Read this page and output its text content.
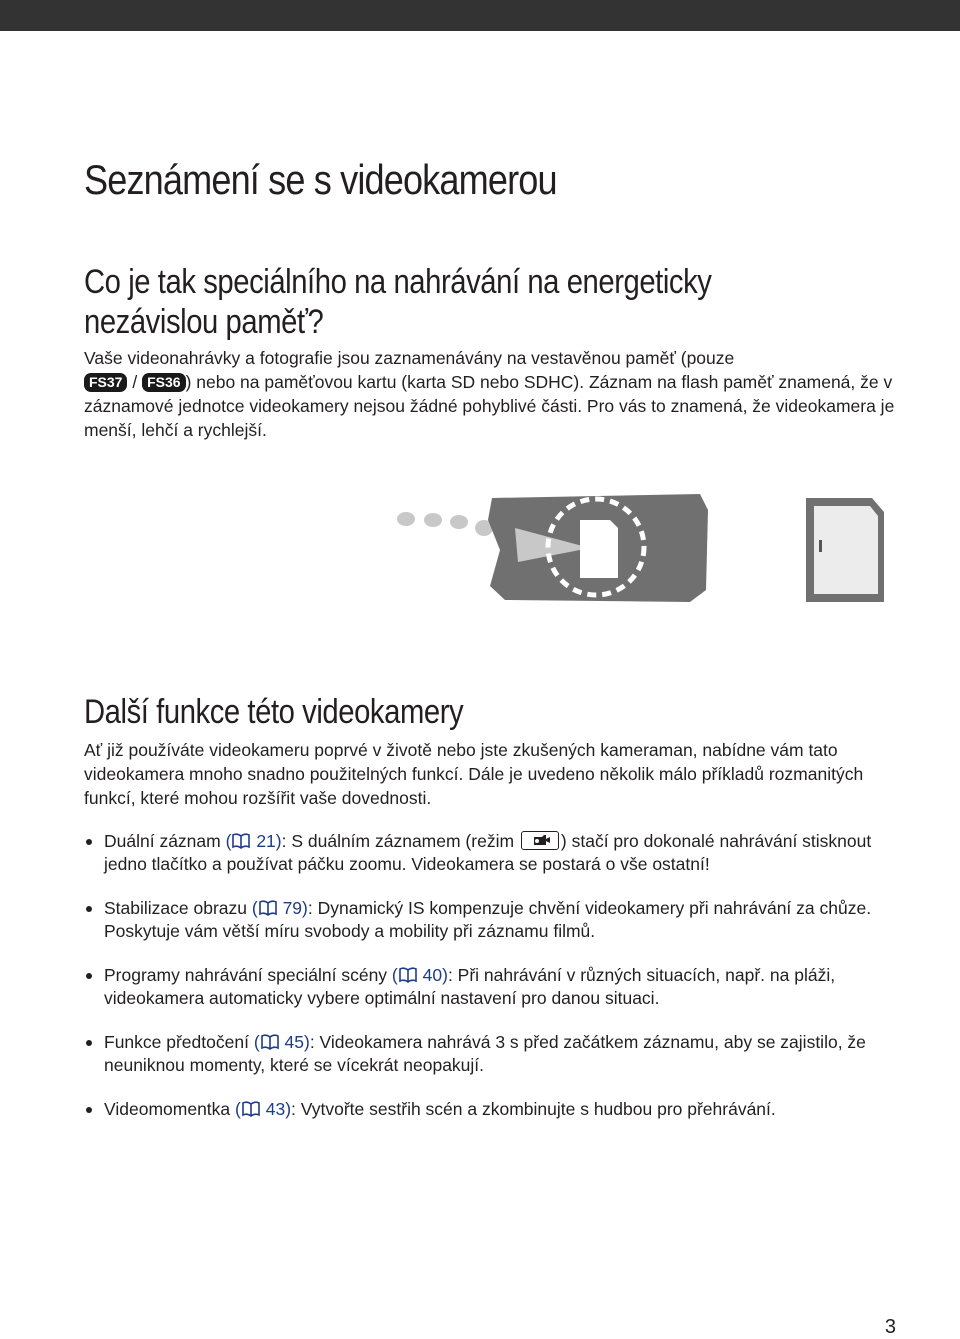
Seznámení se s videokamerou
Co je tak speciálního na nahrávání na energeticky nezávislou paměť?

Vaše videonahrávky a fotografie jsou zaznamenávány na vestavěnou paměť (pouze
FS37 / FS36 ) nebo na paměťovou kartu (karta SD nebo SDHC). Záznam na flash paměť znamená, že v záznamové jednotce videokamery nejsou žádné pohyblivé části. Pro vás to znamená, že videokamera je menší, lehčí a rychlejší.

Další funkce této videokamery

Ať již používáte videokameru poprvé v životě nebo jste zkušených kameraman, nabídne vám tato videokamera mnoho snadno použitelných funkcí. Dále je uvedeno několik málo příkladů rozmanitých funkcí, které mohou rozšířit vaše dovednosti.

Duální záznam ( 21): S duálním záznamem (režim	) stačí pro dokonalé nahrávání stisknout jedno tlačítko a používat páčku zoomu. Videokamera se postará o vše ostatní!
Stabilizace obrazu ( 79): Dynamický IS kompenzuje chvění videokamery při nahrávání za chůze. Poskytuje vám větší míru svobody a mobility při záznamu filmů.
Programy nahrávání speciální scény ( 40): Při nahrávání v různých situacích, např. na pláži, videokamera automaticky vybere optimální nastavení pro danou situaci.
Funkce předtočení ( 45): Videokamera nahrává 3 s před začátkem záznamu, aby se zajistilo, že neuniknou momenty, které se vícekrát neopakují.
Videomomentka ( 43): Vytvořte sestřih scén a zkombinujte s hudbou pro přehrávání.
3
